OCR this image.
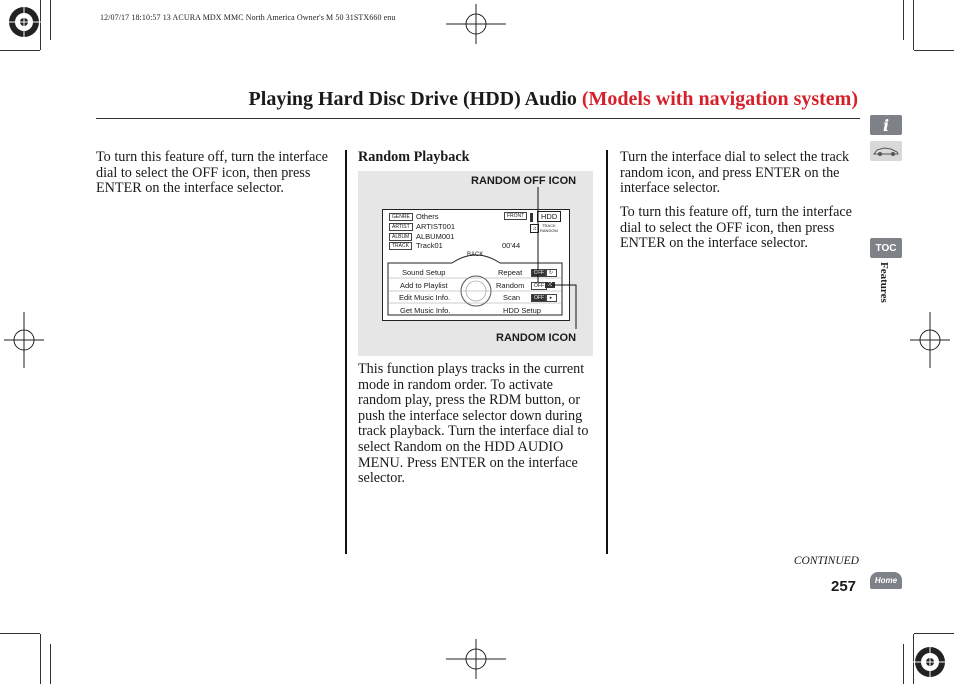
12/07/17 18:10:57 13 ACURA MDX MMC North America Owner's M 50 31STX660 enu
Playing Hard Disc Drive (HDD) Audio (Models with navigation system)
To turn this feature off, turn the interface dial to select the OFF icon, then press ENTER on the interface selector.
Random Playback
RANDOM OFF ICON
RANDOM ICON
GENRE Others
ARTIST ARTIST001
ALBUM ALBUM001
TRACK Track01	00'44
FRONT	HDD
⤮
TRACK
RANDOM
BACK
Sound Setup
Add to Playlist
Edit Music Info.
Get Music Info.
Repeat
Random
Scan
HDD Setup
OFF ↻
OFF ⤮
OFF	▸
This function plays tracks in the current mode in random order. To activate random play, press the RDM button, or push the interface selector down during track playback. Turn the interface dial to select Random on the HDD AUDIO MENU. Press ENTER on the interface selector.
Turn the interface dial to select the track random icon, and press ENTER on the interface selector.
To turn this feature off, turn the interface dial to select the OFF icon, then press ENTER on the interface selector.
i
TOC
Features
CONTINUED
257 Home
